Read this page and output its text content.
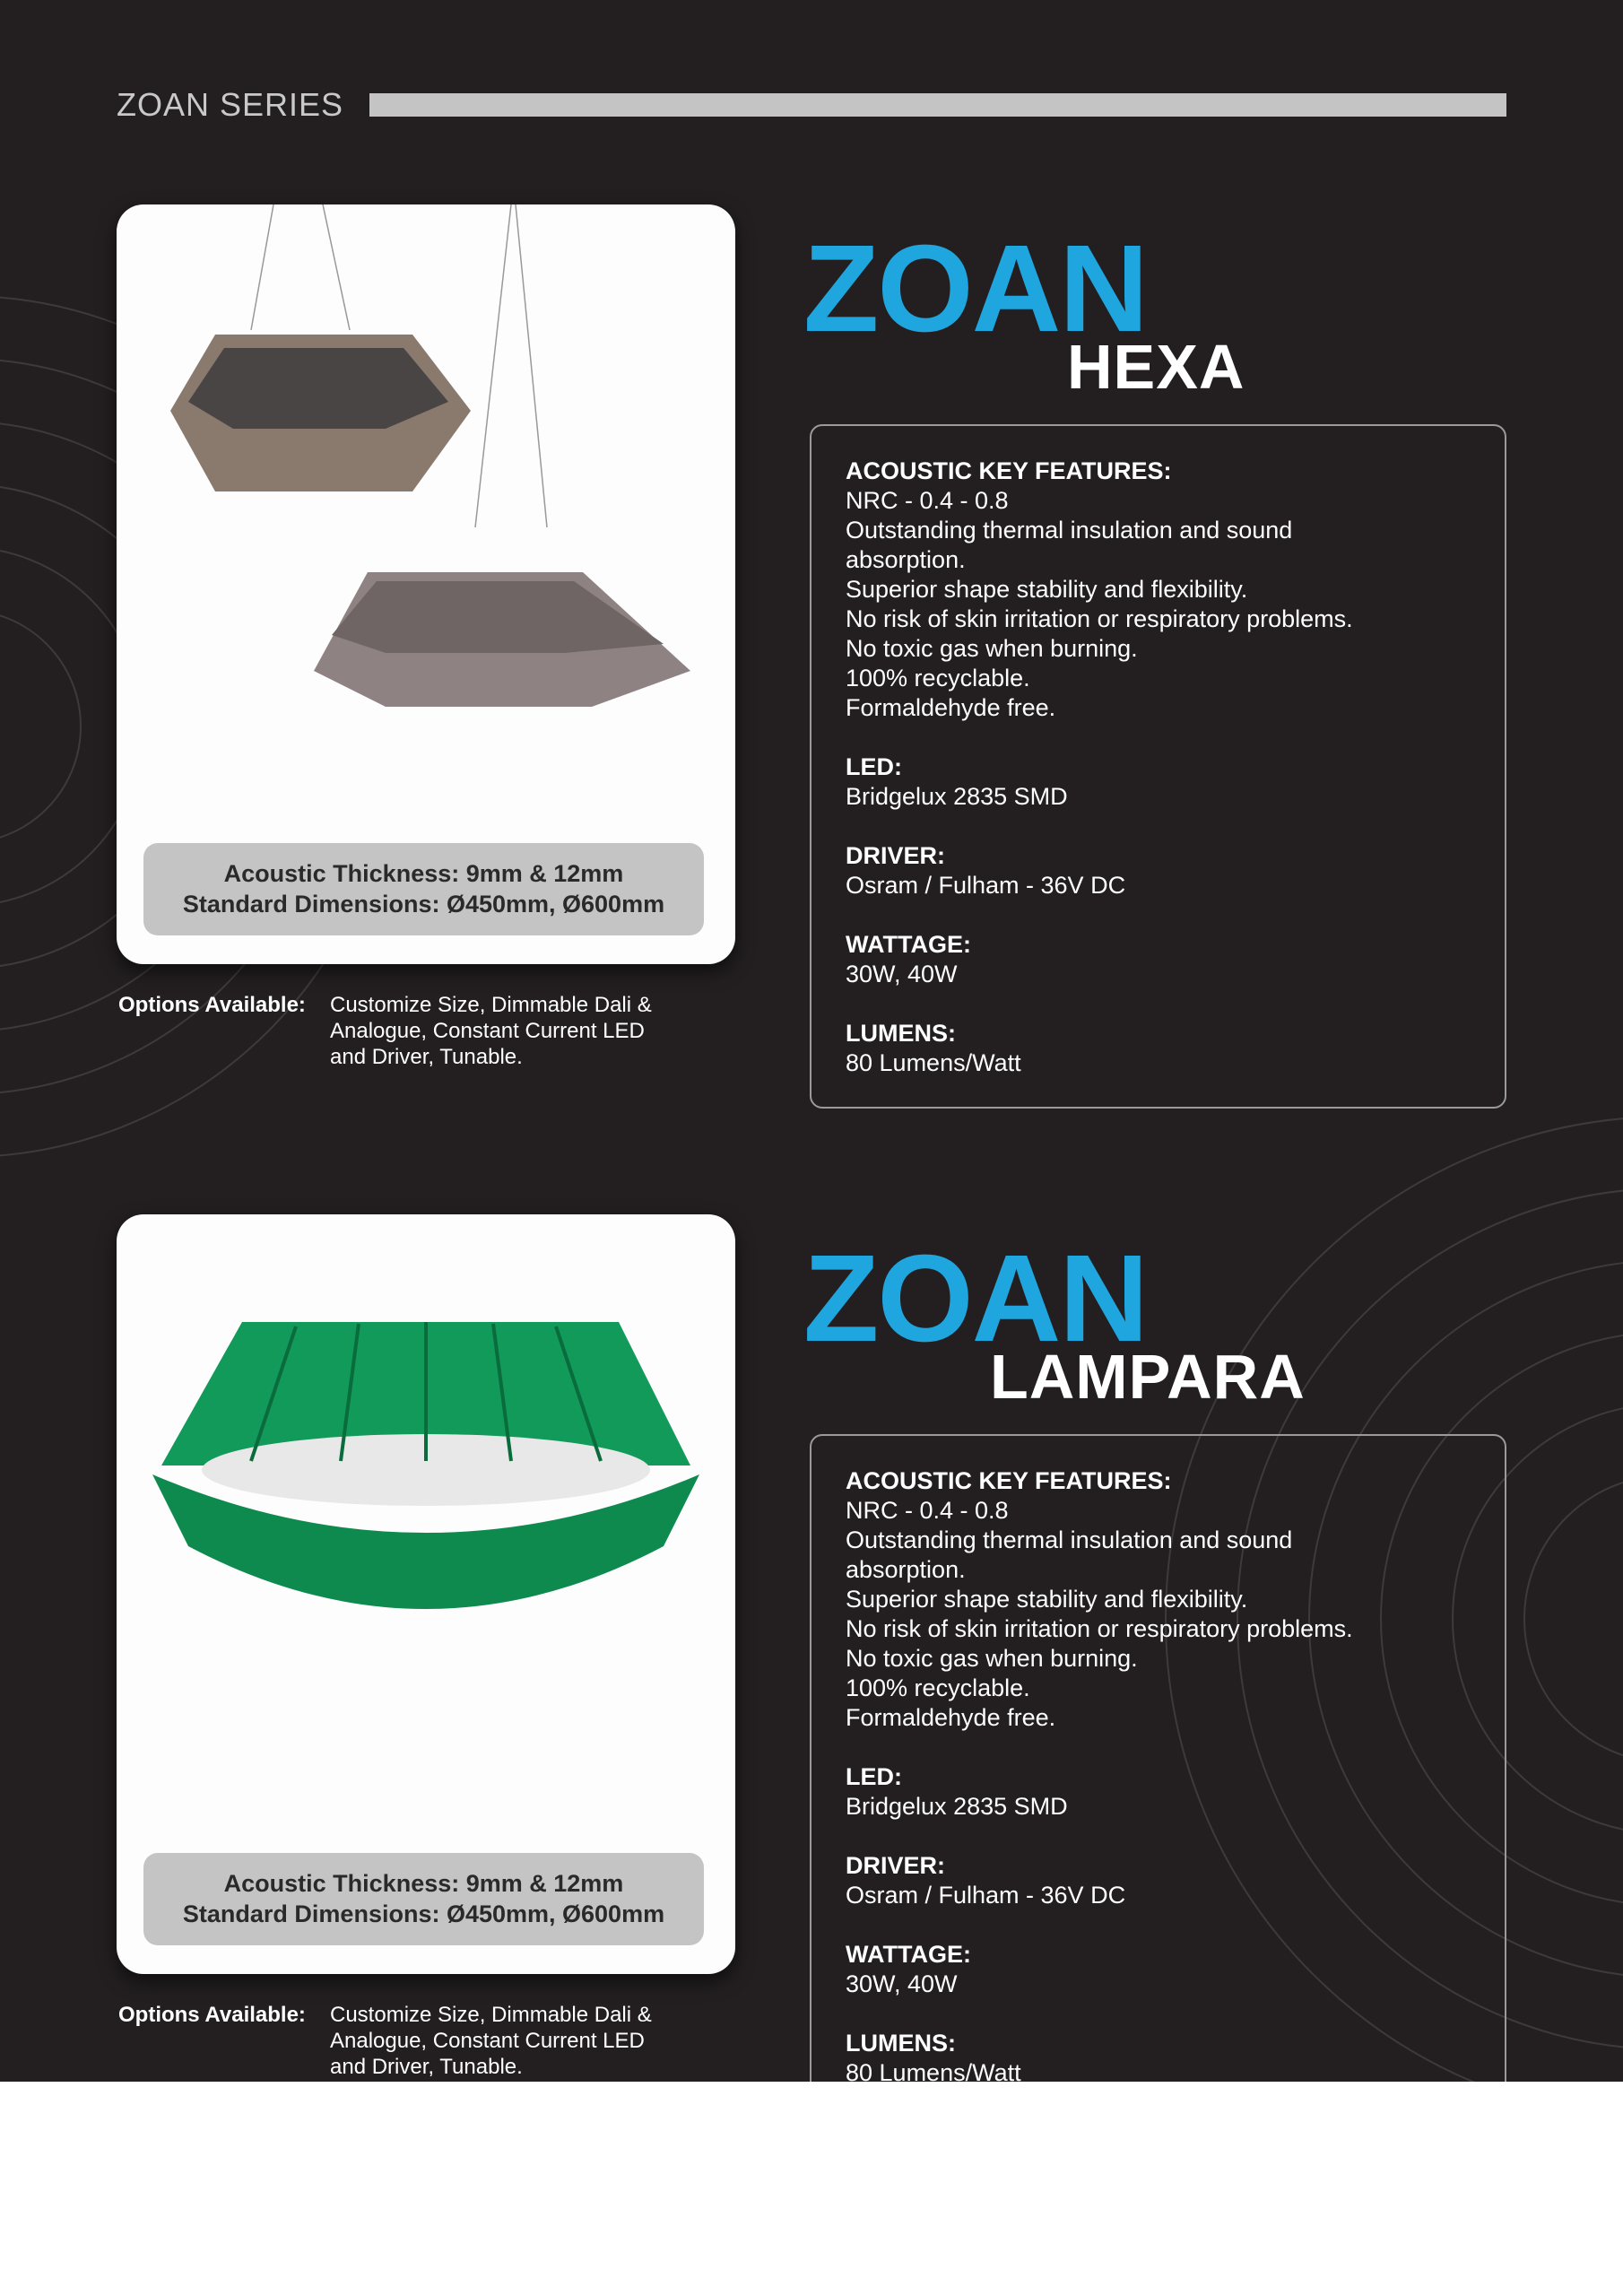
ZOAN SERIES
Acoustic Thickness: 9mm & 12mm
Standard Dimensions: Ø450mm, Ø600mm
Options Available: Customize Size, Dimmable Dali &
Analogue, Constant Current LED
and Driver, Tunable.
ZOAN
HEXA
ACOUSTIC KEY FEATURES:
NRC - 0.4 - 0.8
Outstanding thermal insulation and sound
absorption.
Superior shape stability and flexibility.
No risk of skin irritation or respiratory problems.
No toxic gas when burning.
100% recyclable.
Formaldehyde free.
LED:
Bridgelux 2835 SMD
DRIVER:
Osram / Fulham - 36V DC
WATTAGE:
30W, 40W
LUMENS:
80 Lumens/Watt
Acoustic Thickness: 9mm & 12mm
Standard Dimensions: Ø450mm, Ø600mm
Options Available: Customize Size, Dimmable Dali &
Analogue, Constant Current LED
and Driver, Tunable.
ZOAN
LAMPARA
ACOUSTIC KEY FEATURES:
NRC - 0.4 - 0.8
Outstanding thermal insulation and sound
absorption.
Superior shape stability and flexibility.
No risk of skin irritation or respiratory problems.
No toxic gas when burning.
100% recyclable.
Formaldehyde free.
LED:
Bridgelux 2835 SMD
DRIVER:
Osram / Fulham - 36V DC
WATTAGE:
30W, 40W
LUMENS:
80 Lumens/Watt
